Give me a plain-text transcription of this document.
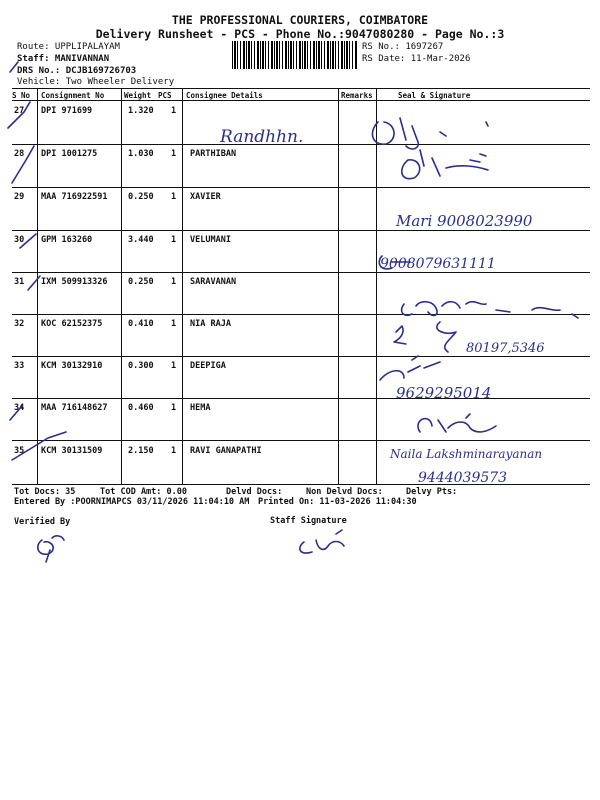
THE PROFESSIONAL COURIERS, COIMBATORE
Delivery Runsheet - PCS - Phone No.:9047080280 - Page No.:3
Route: UPPLIPALAYAM
Staff: MANIVANNAN
DRS No.: DCJB169726703
Vehicle: Two Wheeler Delivery
RS No.: 1697267
RS Date: 11-Mar-2026
S No Consignment No	Weight PCS Consignee Details	Remarks	Seal & Signature
27 DPI 971699	1.320 1
28 DPI 1001275	1.030 1 PARTHIBAN
29 MAA 716922591 0.250 1 XAVIER
30 GPM 163260	3.440 1 VELUMANI
31 IXM 509913326 0.250 1 SARAVANAN
32 KOC 62152375	0.410 1 NIA RAJA
33 KCM 30132910	0.300 1 DEEPIGA
34 MAA 716148627 0.460 1 HEMA
35 KCM 30131509	2.150 1 RAVI GANAPATHI
Randhhn.
Mari 9008023990
9008079631111
80197,5346
9629295014
Naila Lakshminarayanan
9444039573
Tot Docs: 35	Tot COD Amt: 0.00	Delvd Docs:	Non Delvd Docs:	Delvy Pts:
Entered By :POORNIMAPCS 03/11/2026 11:04:10 AM Printed On: 11-03-2026 11:04:30
Verified By	Staff Signature
